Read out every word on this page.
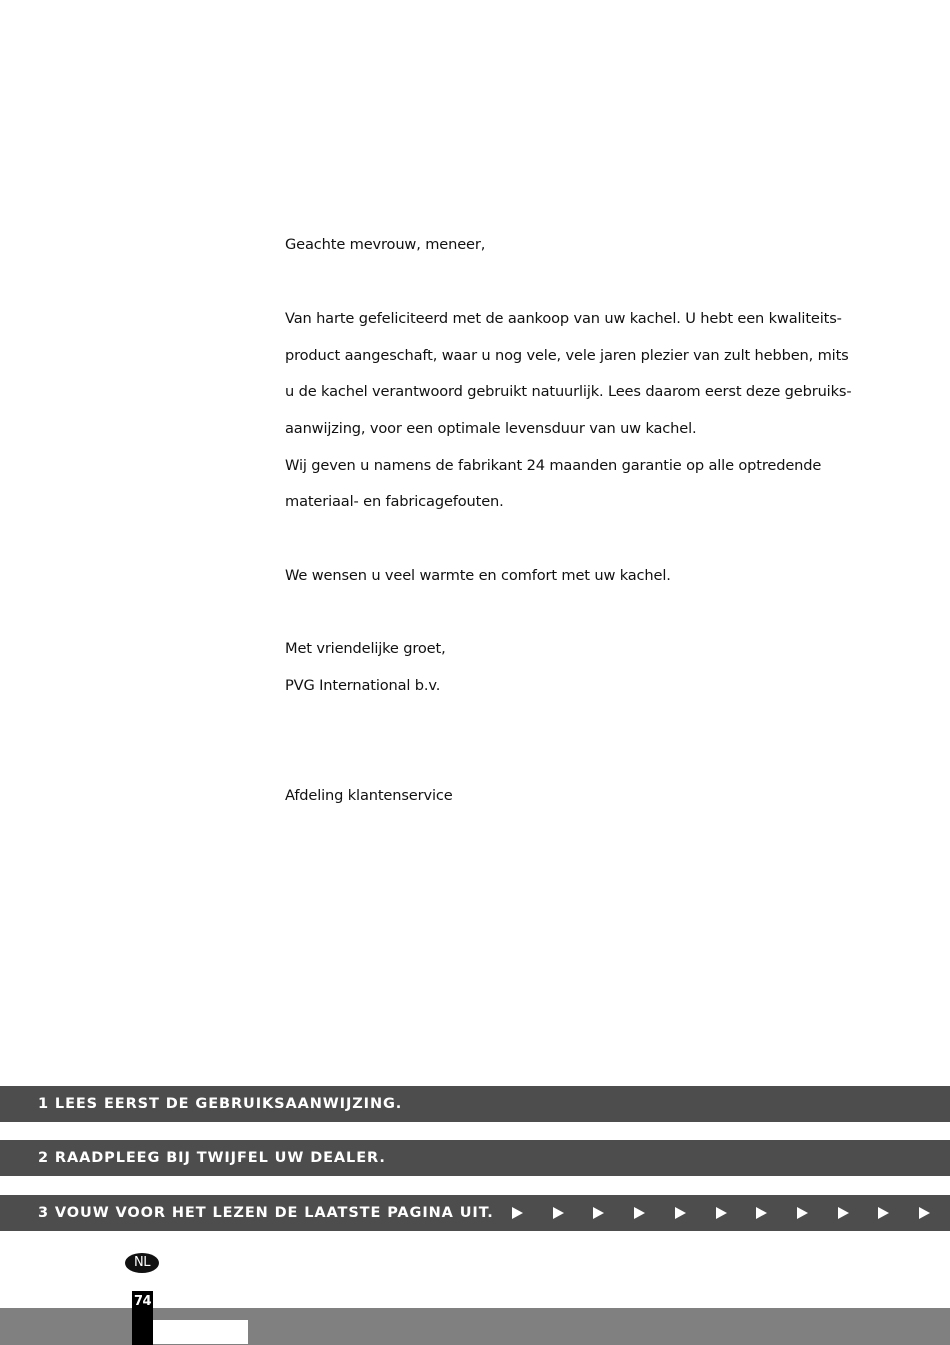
Geachte mevrouw, meneer,
Van harte gefeliciteerd met de aankoop van uw kachel. U hebt een kwaliteits-
product aangeschaft, waar u nog vele, vele jaren plezier van zult hebben, mits
u de kachel verantwoord gebruikt natuurlijk. Lees daarom eerst deze gebruiks-
aanwijzing, voor een optimale levensduur van uw kachel.
Wij geven u namens de fabrikant 24 maanden garantie op alle optredende
materiaal- en fabricagefouten.
We wensen u veel warmte en comfort met uw kachel.
Met vriendelijke groet,
PVG International b.v.
Afdeling klantenservice
1 LEES EERST DE GEBRUIKSAANWIJZING.
2 RAADPLEEG BIJ TWIJFEL UW DEALER.
3 VOUW VOOR HET LEZEN DE LAATSTE PAGINA UIT.
NL
74
